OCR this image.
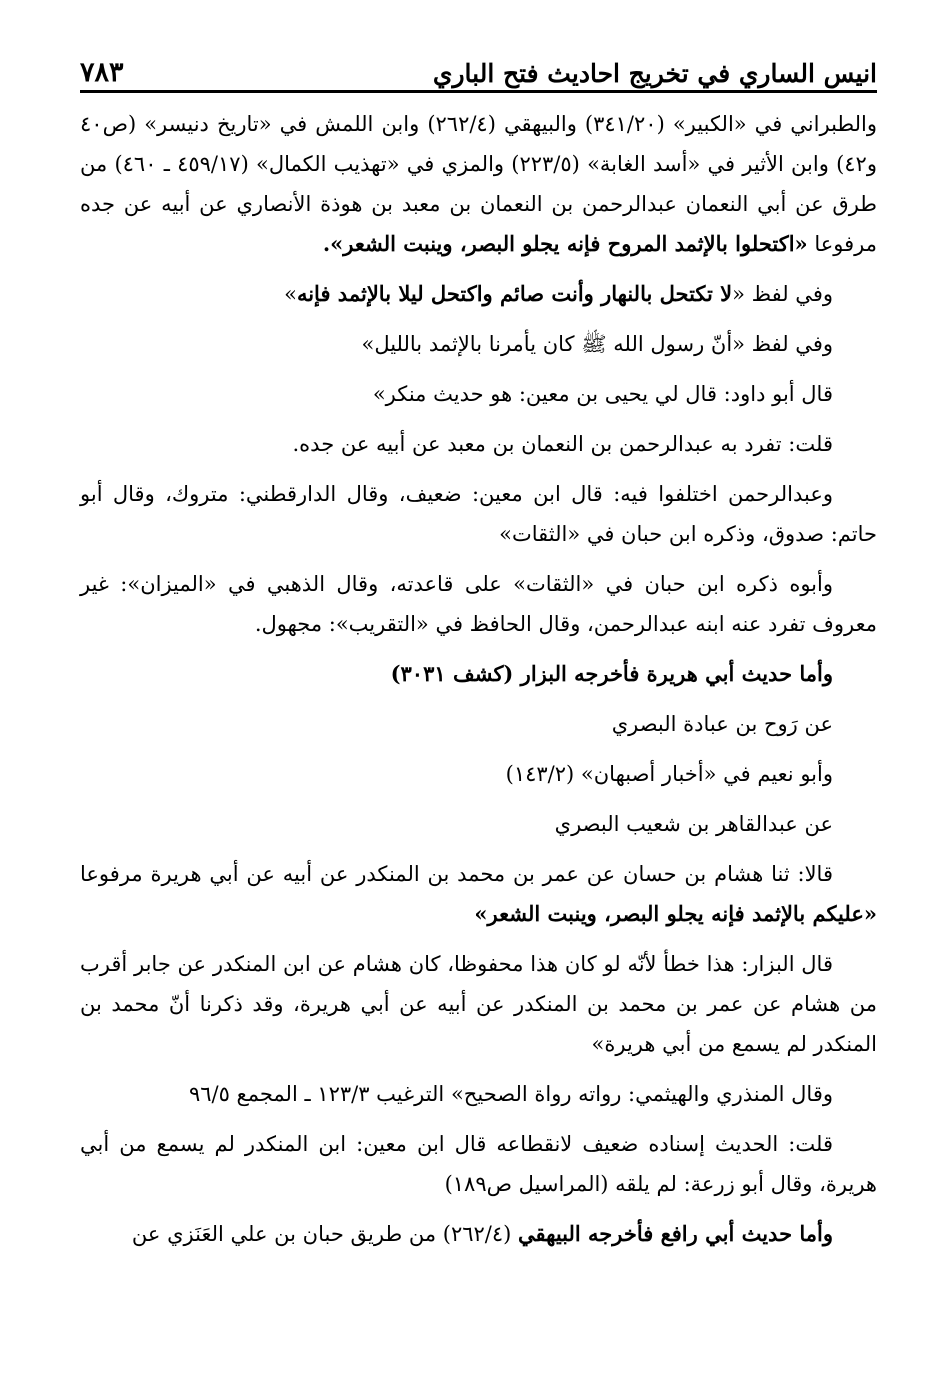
انيس الساري في تخريج احاديث فتح الباري
٧٨٣

والطبراني في «الكبير» (٣٤١/٢٠) والبيهقي (٢٦٢/٤) وابن اللمش في «تاريخ دنيسر» (ص٤٠ و٤٢) وابن الأثير في «أسد الغابة» (٢٢٣/٥) والمزي في «تهذيب الكمال» (٤٥٩/١٧ ـ ٤٦٠) من طرق عن أبي النعمان عبدالرحمن بن النعمان بن معبد بن هوذة الأنصاري عن أبيه عن جده مرفوعا «اكتحلوا بالإثمد المروح فإنه يجلو البصر، وينبت الشعر».

وفي لفظ «لا تكتحل بالنهار وأنت صائم واكتحل ليلا بالإثمد فإنه»

وفي لفظ «أنّ رسول الله ﷺ كان يأمرنا بالإثمد بالليل»

قال أبو داود: قال لي يحيى بن معين: هو حديث منكر»

قلت: تفرد به عبدالرحمن بن النعمان بن معبد عن أبيه عن جده.

وعبدالرحمن اختلفوا فيه: قال ابن معين: ضعيف، وقال الدارقطني: متروك، وقال أبو حاتم: صدوق، وذكره ابن حبان في «الثقات»

وأبوه ذكره ابن حبان في «الثقات» على قاعدته، وقال الذهبي في «الميزان»: غير معروف تفرد عنه ابنه عبدالرحمن، وقال الحافظ في «التقريب»: مجهول.

وأما حديث أبي هريرة فأخرجه البزار (كشف ٣٠٣١)

عن رَوح بن عبادة البصري

وأبو نعيم في «أخبار أصبهان» (١٤٣/٢)

عن عبدالقاهر بن شعيب البصري

قالا: ثنا هشام بن حسان عن عمر بن محمد بن المنكدر عن أبيه عن أبي هريرة مرفوعا «عليكم بالإثمد فإنه يجلو البصر، وينبت الشعر»

قال البزار: هذا خطأ لأنّه لو كان هذا محفوظا، كان هشام عن ابن المنكدر عن جابر أقرب من هشام عن عمر بن محمد بن المنكدر عن أبيه عن أبي هريرة، وقد ذكرنا أنّ محمد بن المنكدر لم يسمع من أبي هريرة»

وقال المنذري والهيثمي: رواته رواة الصحيح» الترغيب ١٢٣/٣ ـ المجمع ٩٦/٥

قلت: الحديث إسناده ضعيف لانقطاعه قال ابن معين: ابن المنكدر لم يسمع من أبي هريرة، وقال أبو زرعة: لم يلقه (المراسيل ص١٨٩)

وأما حديث أبي رافع فأخرجه البيهقي (٢٦٢/٤) من طريق حبان بن علي العَنَزي عن
